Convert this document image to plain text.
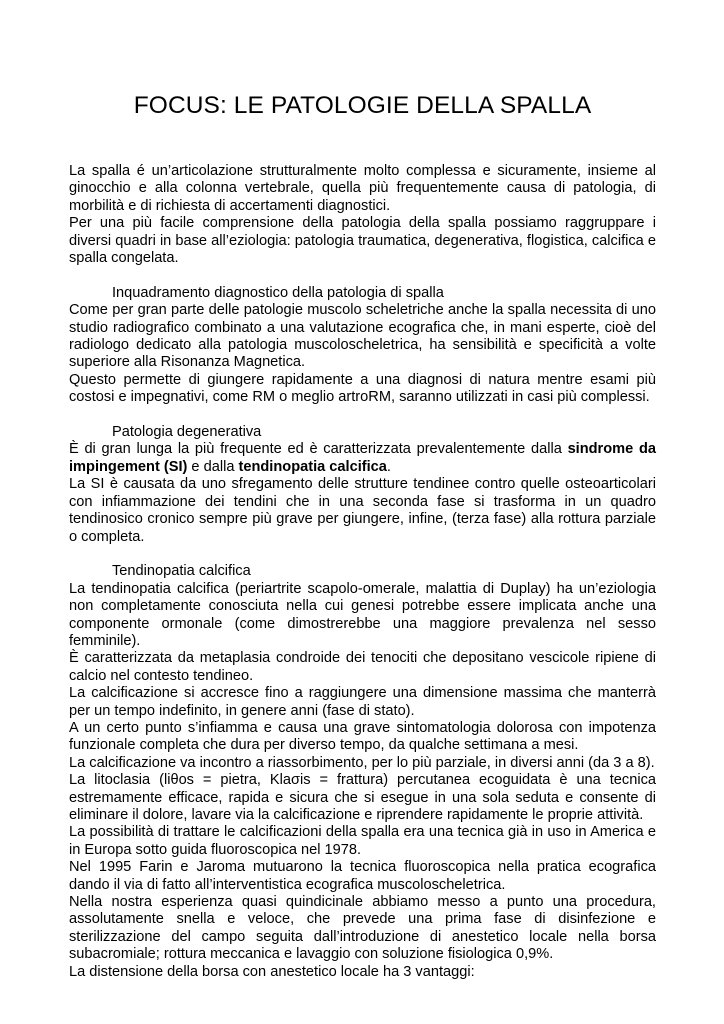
FOCUS: LE PATOLOGIE DELLA SPALLA

La spalla é un’articolazione strutturalmente molto complessa e sicuramente, insieme al ginocchio e alla colonna vertebrale, quella più frequentemente causa di patologia, di morbilità e di richiesta di accertamenti diagnostici.

Per una più facile comprensione della patologia della spalla possiamo raggruppare i diversi quadri in base all’eziologia: patologia traumatica, degenerativa, flogistica, calcifica e spalla congelata.

Inquadramento diagnostico della patologia di spalla

Come per gran parte delle patologie muscolo scheletriche anche la spalla necessita di uno studio radiografico combinato a una valutazione ecografica che, in mani esperte, cioè del radiologo dedicato alla patologia muscoloscheletrica, ha sensibilità e specificità a volte superiore alla Risonanza Magnetica.

Questo permette di giungere rapidamente a una diagnosi di natura mentre esami più costosi e impegnativi, come RM o meglio artroRM, saranno utilizzati in casi più complessi.

Patologia degenerativa

È di gran lunga la più frequente ed è caratterizzata prevalentemente dalla sindrome da impingement (SI) e dalla tendinopatia calcifica.

La SI è causata da uno sfregamento delle strutture tendinee contro quelle osteoarticolari con infiammazione dei tendini che in una seconda fase si trasforma in un quadro tendinosico cronico sempre più grave per giungere, infine, (terza fase) alla rottura parziale o completa.

Tendinopatia calcifica

La tendinopatia calcifica (periartrite scapolo-omerale, malattia di Duplay) ha un’eziologia non completamente conosciuta nella cui genesi potrebbe essere implicata anche una componente ormonale (come dimostrerebbe una maggiore prevalenza nel sesso femminile).

È caratterizzata da metaplasia condroide dei tenociti che depositano vescicole ripiene di calcio nel contesto tendineo.

La calcificazione si accresce fino a raggiungere una dimensione massima che manterrà per un tempo indefinito, in genere anni (fase di stato).

A un certo punto s’infiamma e causa una grave sintomatologia dolorosa con impotenza funzionale completa che dura per diverso tempo, da qualche settimana a mesi.

La calcificazione va incontro a riassorbimento, per lo più parziale, in diversi anni (da 3 a 8).

La litoclasia (liθos = pietra, Klaσis = frattura) percutanea ecoguidata è una tecnica estremamente efficace, rapida e sicura che si esegue in una sola seduta e consente di eliminare il dolore, lavare via la calcificazione e riprendere rapidamente le proprie attività.

La possibilità di trattare le calcificazioni della spalla era una tecnica già in uso in America e in Europa sotto guida fluoroscopica nel 1978.

Nel 1995 Farin e Jaroma mutuarono la tecnica fluoroscopica nella pratica ecografica dando il via di fatto all’interventistica ecografica muscoloscheletrica.

Nella nostra esperienza quasi quindicinale abbiamo messo a punto una procedura, assolutamente snella e veloce, che prevede una prima fase di disinfezione e sterilizzazione del campo seguita dall’introduzione di anestetico locale nella borsa subacromiale; rottura meccanica e lavaggio con soluzione fisiologica 0,9%.

La distensione della borsa con anestetico locale ha 3 vantaggi:
